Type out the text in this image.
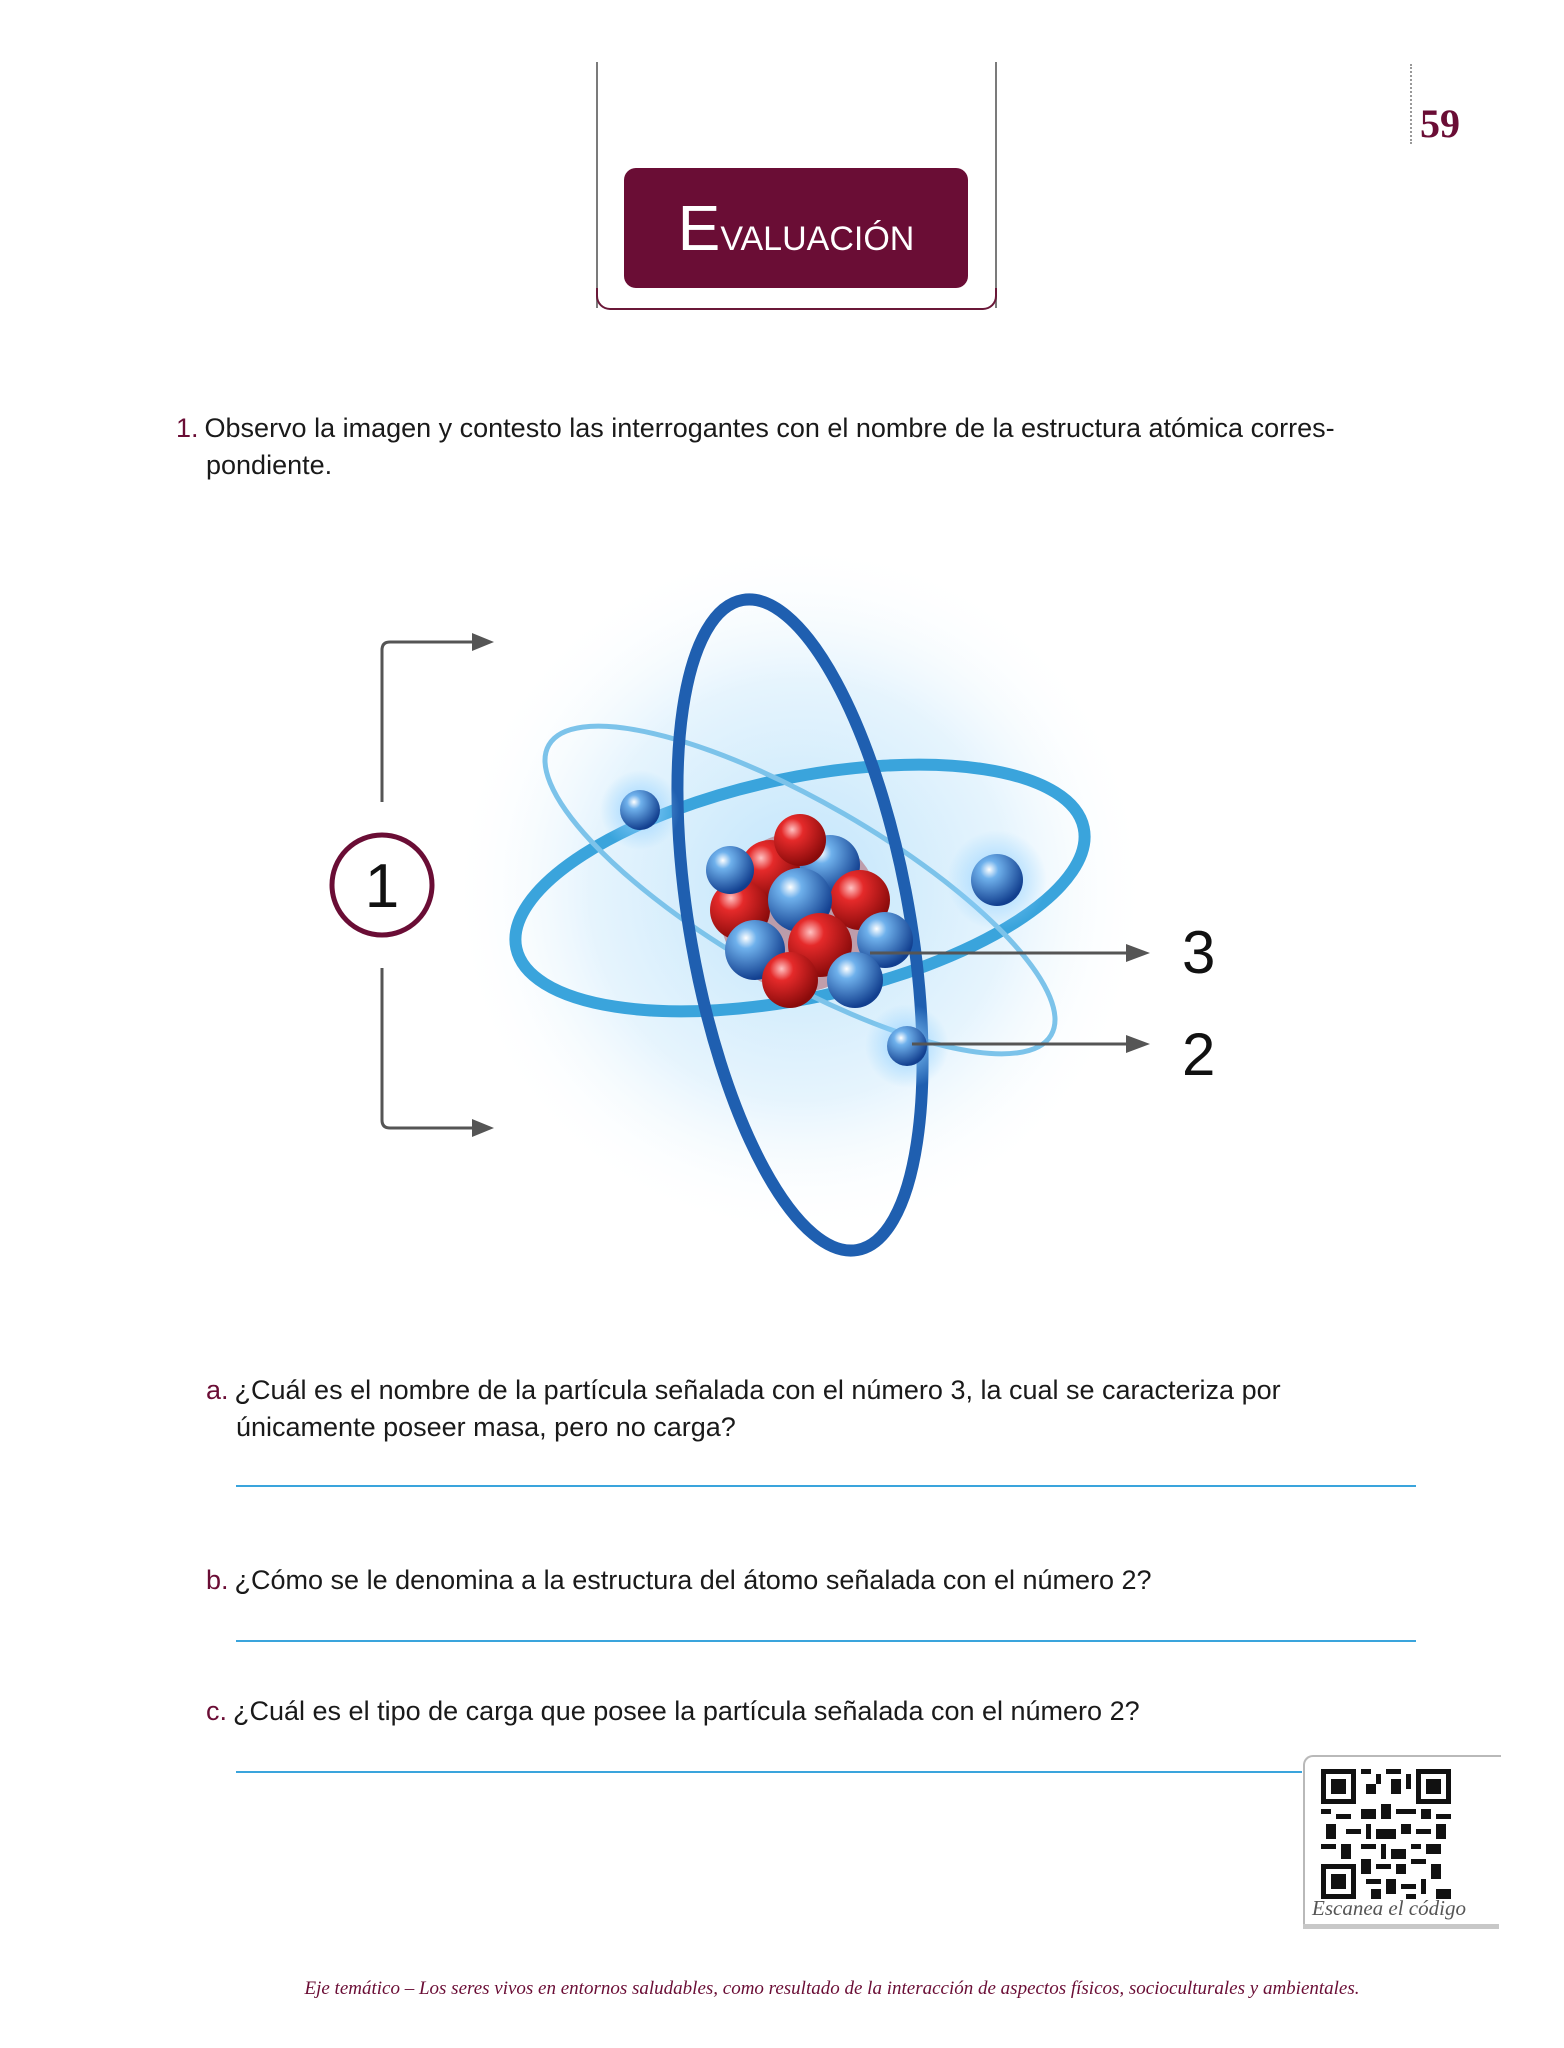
Evaluación
59
1. Observo la imagen y contesto las interrogantes con el nombre de la estructura atómica corres-pondiente.
3
2
1
a. ¿Cuál es el nombre de la partícula señalada con el número 3, la cual se caracteriza por únicamente poseer masa, pero no carga?
b. ¿Cómo se le denomina a la estructura del átomo señalada con el número 2?
c. ¿Cuál es el tipo de carga que posee la partícula señalada con el número 2?
Escanea el código
Eje temático – Los seres vivos en entornos saludables, como resultado de la interacción de aspectos físicos, socioculturales y ambientales.
